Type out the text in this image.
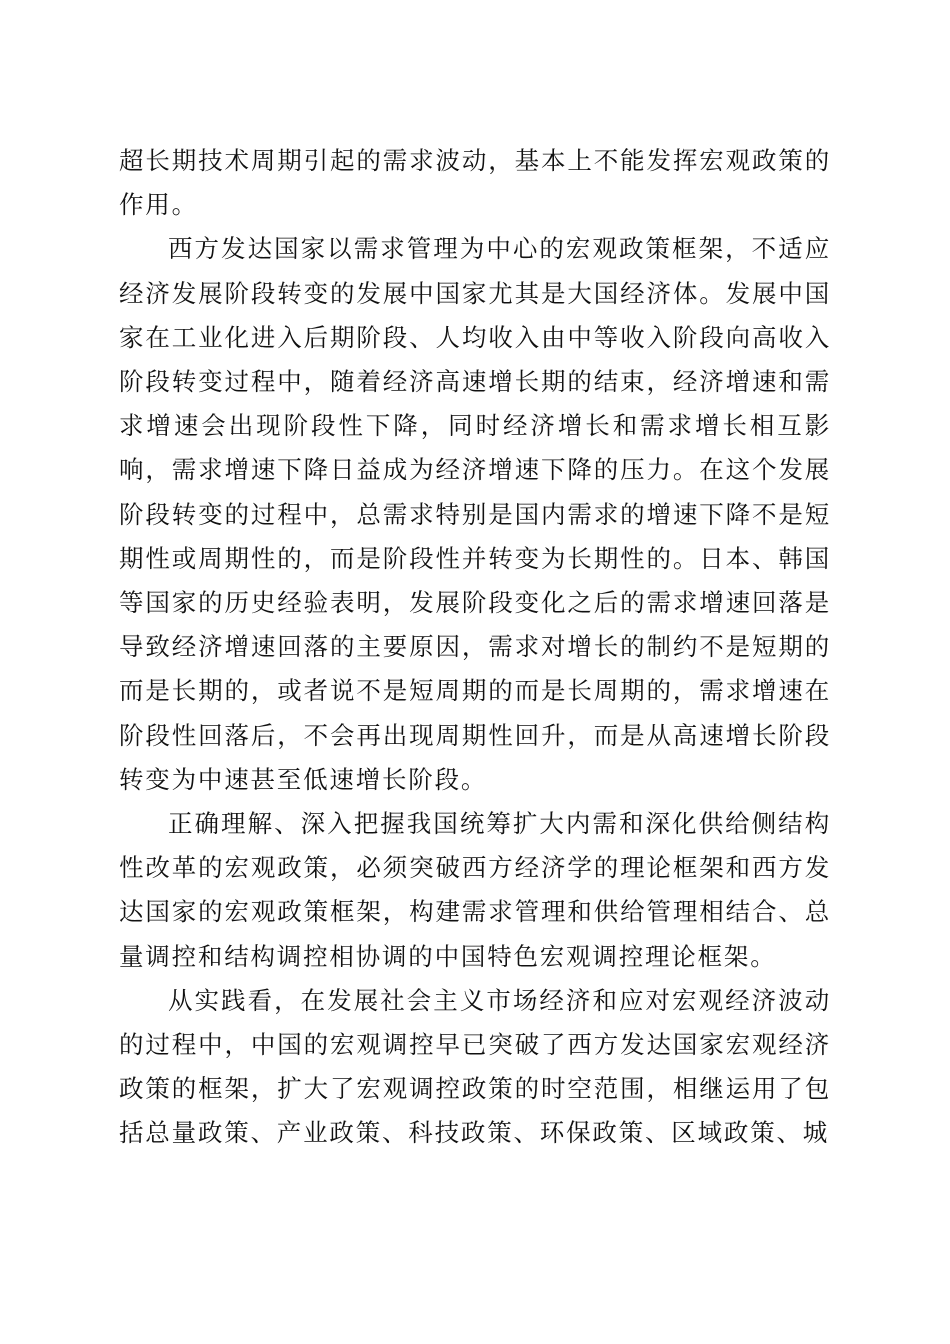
超长期技术周期引起的需求波动，基本上不能发挥宏观政策的作用。

西方发达国家以需求管理为中心的宏观政策框架，不适应经济发展阶段转变的发展中国家尤其是大国经济体。发展中国家在工业化进入后期阶段、人均收入由中等收入阶段向高收入阶段转变过程中，随着经济高速增长期的结束，经济增速和需求增速会出现阶段性下降，同时经济增长和需求增长相互影响，需求增速下降日益成为经济增速下降的压力。在这个发展阶段转变的过程中，总需求特别是国内需求的增速下降不是短期性或周期性的，而是阶段性并转变为长期性的。日本、韩国等国家的历史经验表明，发展阶段变化之后的需求增速回落是导致经济增速回落的主要原因，需求对增长的制约不是短期的而是长期的，或者说不是短周期的而是长周期的，需求增速在阶段性回落后，不会再出现周期性回升，而是从高速增长阶段转变为中速甚至低速增长阶段。

正确理解、深入把握我国统筹扩大内需和深化供给侧结构性改革的宏观政策，必须突破西方经济学的理论框架和西方发达国家的宏观政策框架，构建需求管理和供给管理相结合、总量调控和结构调控相协调的中国特色宏观调控理论框架。

从实践看，在发展社会主义市场经济和应对宏观经济波动的过程中，中国的宏观调控早已突破了西方发达国家宏观经济政策的框架，扩大了宏观调控政策的时空范围，相继运用了包括总量政策、产业政策、科技政策、环保政策、区域政策、城
